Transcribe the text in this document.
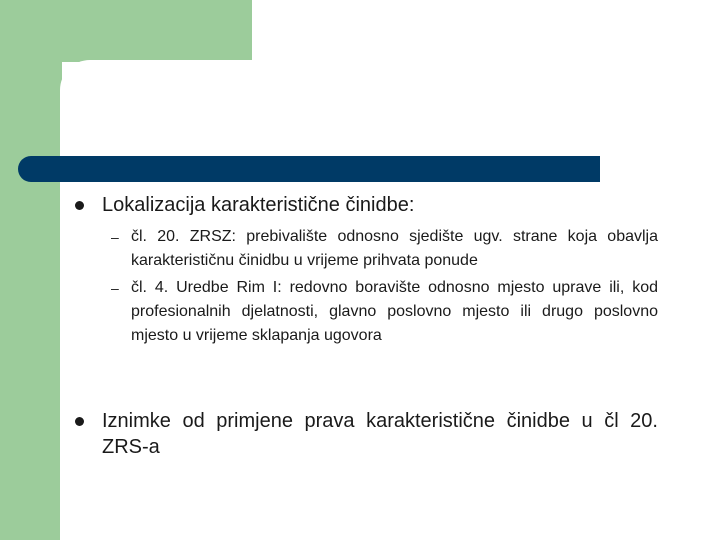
Lokalizacija karakteristične činidbe:
– čl. 20. ZRSZ: prebivalište odnosno sjedište ugv. strane koja obavlja karakterističnu činidbu u vrijeme prihvata ponude
– čl. 4. Uredbe Rim I: redovno boravište odnosno mjesto uprave ili, kod profesionalnih djelatnosti, glavno poslovno mjesto ili drugo poslovno mjesto u vrijeme sklapanja ugovora
Iznimke od primjene prava karakteristične činidbe u čl 20. ZRS-a
